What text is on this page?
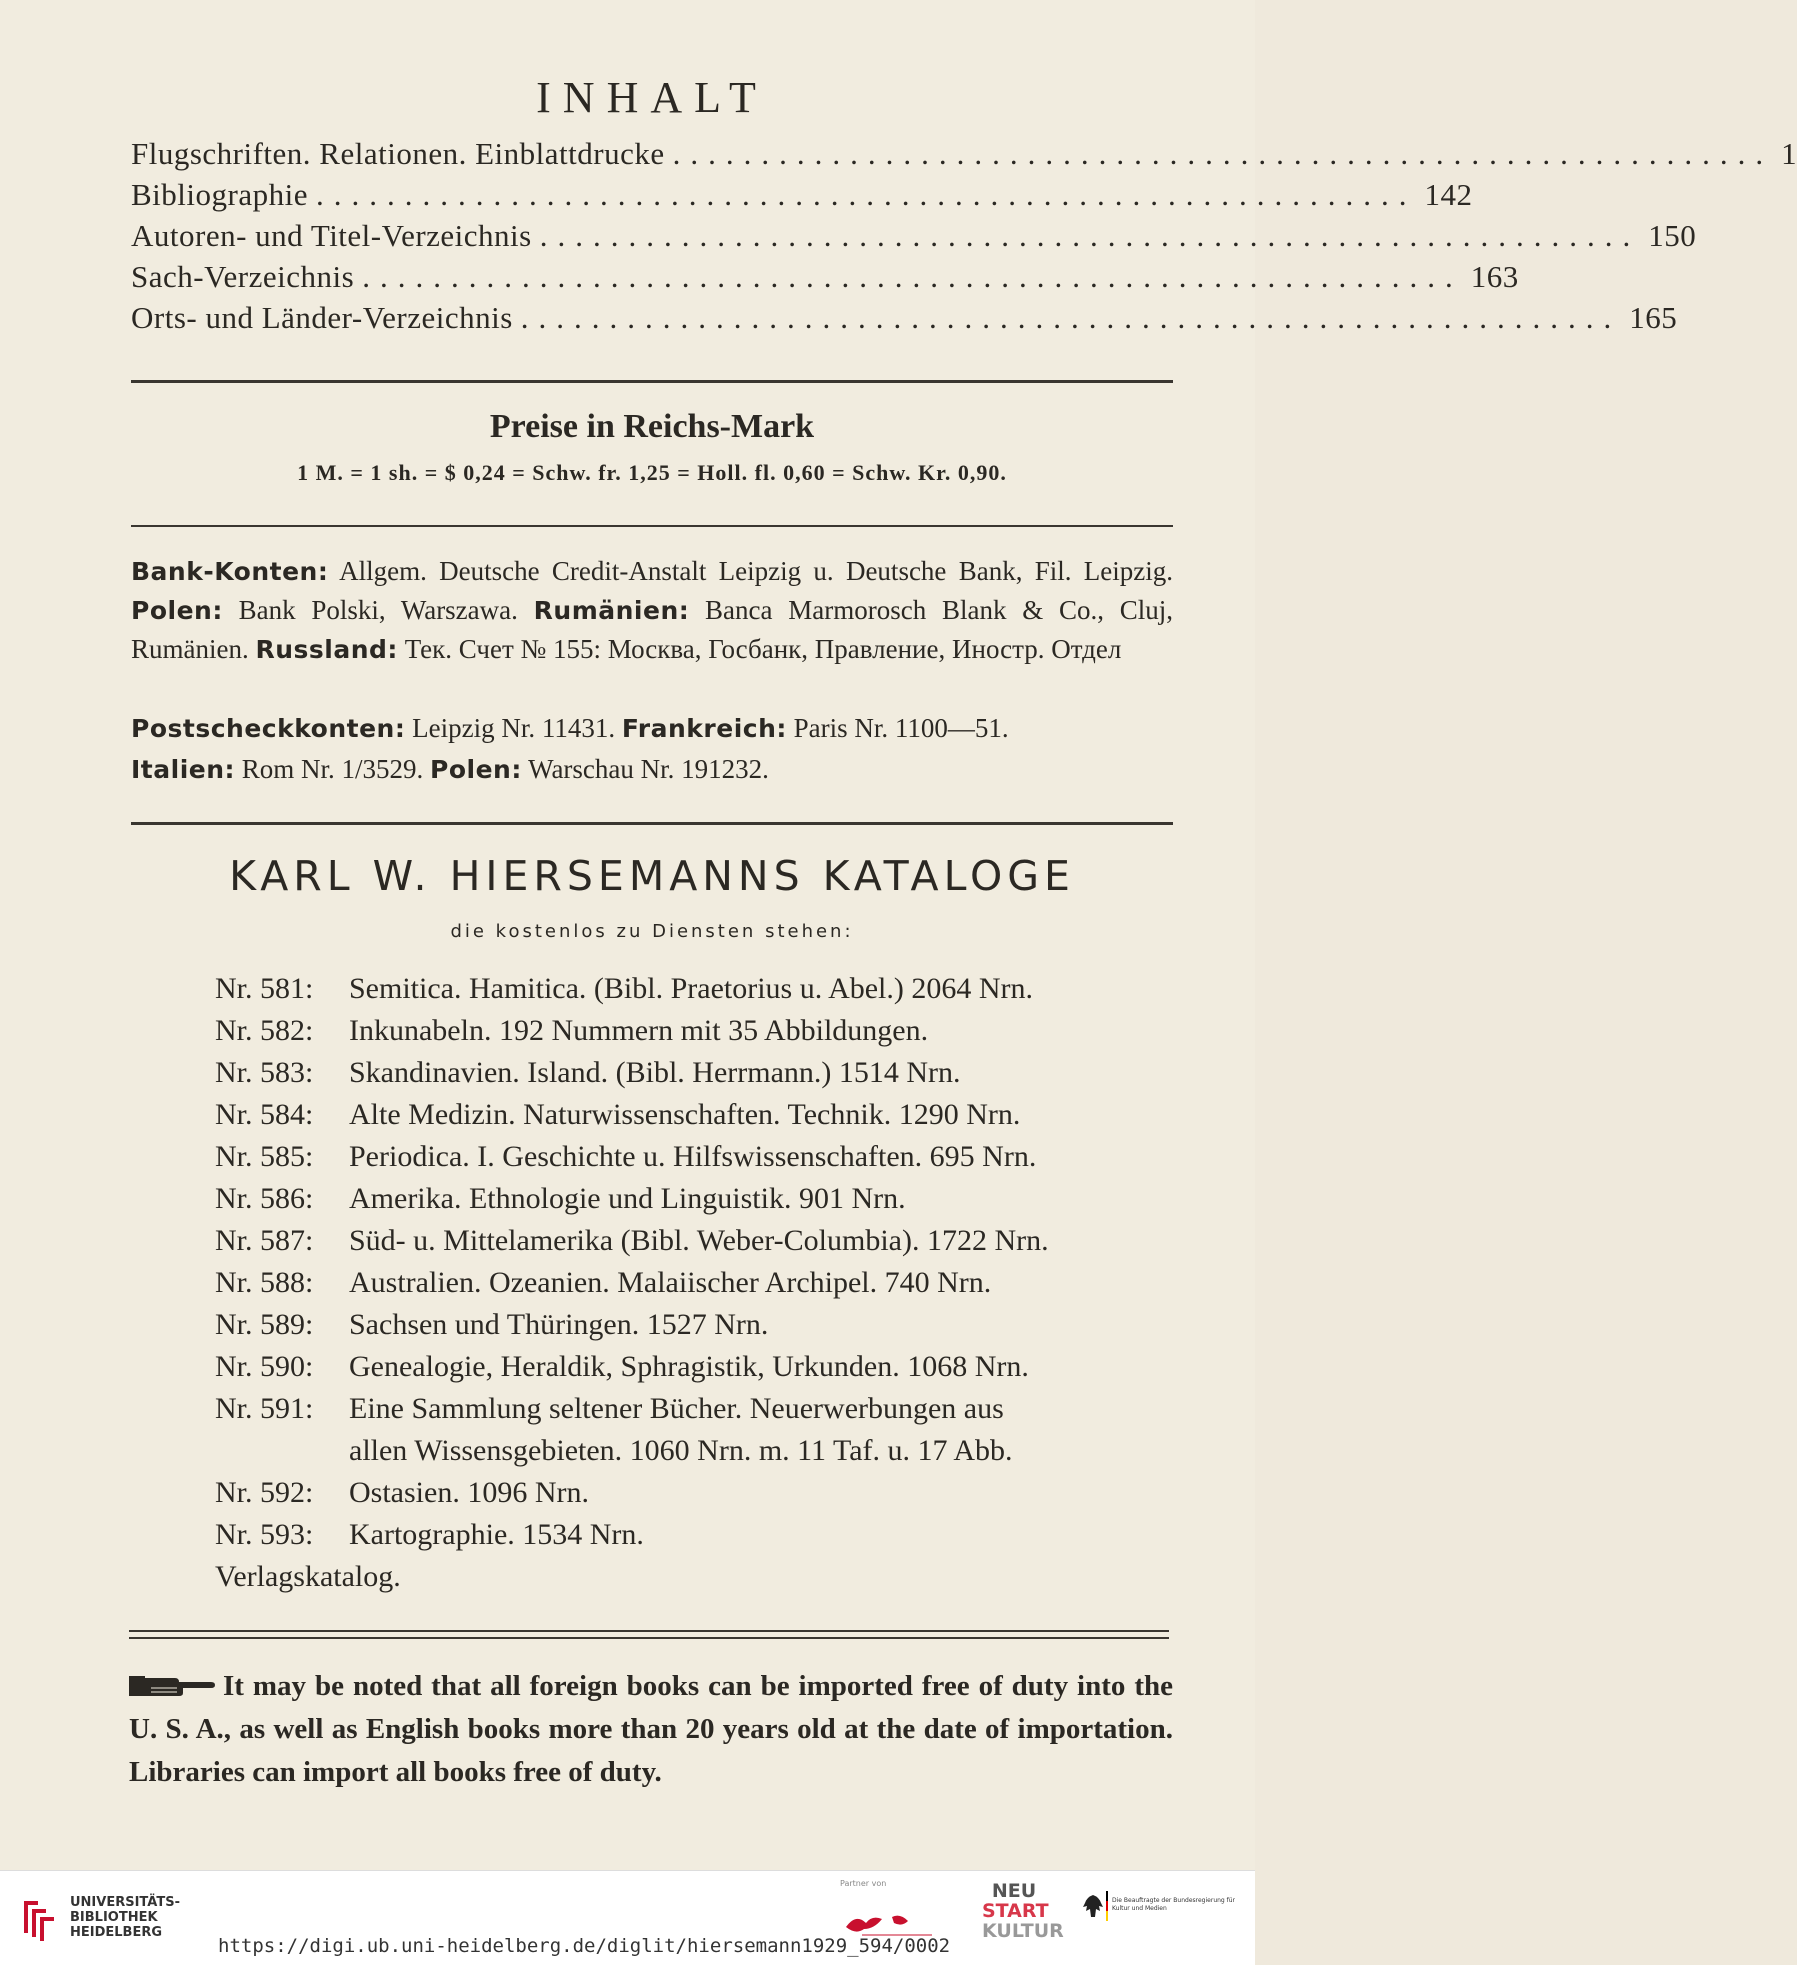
INHALT
Flugschriften. Relationen. Einblattdrucke .............................................................. 1
Bibliographie .............................................................. 142
Autoren- und Titel-Verzeichnis .............................................................. 150
Sach-Verzeichnis .............................................................. 163
Orts- und Länder-Verzeichnis .............................................................. 165
Preise in Reichs-Mark
1 M. = 1 sh. = $ 0,24 = Schw. fr. 1,25 = Holl. fl. 0,60 = Schw. Kr. 0,90.
Bank-Konten: Allgem. Deutsche Credit-Anstalt Leipzig u. Deutsche Bank, Fil. Leipzig. Polen: Bank Polski, Warszawa. Rumänien: Banca Marmorosch Blank & Co., Cluj, Rumänien. Russland: Тек. Счет № 155: Москва, Госбанк, Правление, Иностр. Отдел
Postscheckkonten: Leipzig Nr. 11431. Frankreich: Paris Nr. 1100—51.
Italien: Rom Nr. 1/3529. Polen: Warschau Nr. 191232.
KARL W. HIERSEMANNS KATALOGE
die kostenlos zu Diensten stehen:
Nr. 581:	Semitica. Hamitica. (Bibl. Praetorius u. Abel.) 2064 Nrn.
Nr. 582:	Inkunabeln. 192 Nummern mit 35 Abbildungen.
Nr. 583:	Skandinavien. Island. (Bibl. Herrmann.) 1514 Nrn.
Nr. 584:	Alte Medizin. Naturwissenschaften. Technik. 1290 Nrn.
Nr. 585:	Periodica. I. Geschichte u. Hilfswissenschaften. 695 Nrn.
Nr. 586:	Amerika. Ethnologie und Linguistik. 901 Nrn.
Nr. 587:	Süd- u. Mittelamerika (Bibl. Weber-Columbia). 1722 Nrn.
Nr. 588:	Australien. Ozeanien. Malaiischer Archipel. 740 Nrn.
Nr. 589:	Sachsen und Thüringen. 1527 Nrn.
Nr. 590:	Genealogie, Heraldik, Sphragistik, Urkunden. 1068 Nrn.
Nr. 591:	Eine Sammlung seltener Bücher. Neuerwerbungen aus
allen Wissensgebieten. 1060 Nrn. m. 11 Taf. u. 17 Abb.
Nr. 592:	Ostasien. 1096 Nrn.
Nr. 593:	Kartographie. 1534 Nrn.
Verlagskatalog.
It may be noted that all foreign books can be imported free of duty into the U. S. A., as well as English books more than 20 years old at the date of importation. Libraries can import all books free of duty.
UNIVERSITÄTS-
BIBLIOTHEK
HEIDELBERG
https://digi.ub.uni-heidelberg.de/diglit/hiersemann1929_594/0002
Partner von	NEU
START
KULTUR
Die Beauftragte der Bundesregierung für Kultur und Medien
